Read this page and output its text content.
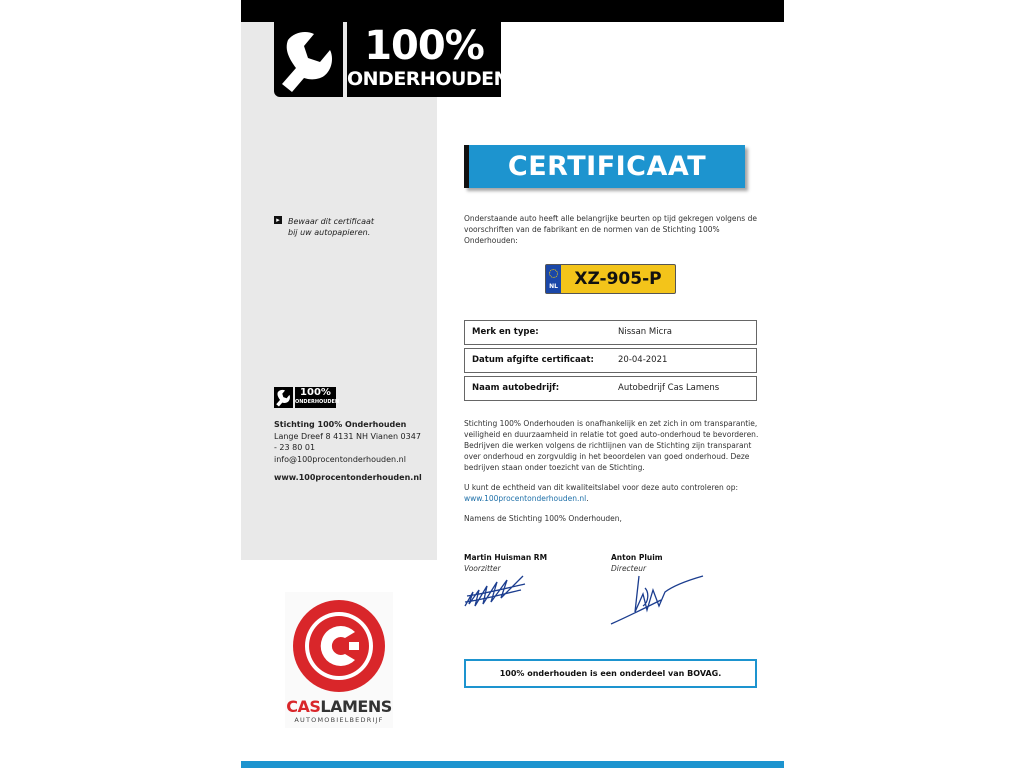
100%
ONDERHOUDEN
▸ Bewaar dit certificaat
bij uw autopapieren.
100%
ONDERHOUDEN
Stichting 100% Onderhouden
Lange Dreef 8 4131 NH Vianen 0347 - 23 80 01
info@100procentonderhouden.nl
www.100procentonderhouden.nl
CASLAMENS
AUTOMOBIELBEDRIJF
CERTIFICAAT
Onderstaande auto heeft alle belangrijke beurten op tijd gekregen volgens de voorschriften van de fabrikant en de normen van de Stichting 100% Onderhouden:
NL XZ-905-P
Merk en type:	Nissan Micra
Datum afgifte certificaat:	20-04-2021
Naam autobedrijf:	Autobedrijf Cas Lamens
Stichting 100% Onderhouden is onafhankelijk en zet zich in om transparantie, veiligheid en duurzaamheid in relatie tot goed auto-onderhoud te bevorderen. Bedrijven die werken volgens de richtlijnen van de Stichting zijn transparant over onderhoud en zorgvuldig in het beoordelen van goed onderhoud. Deze bedrijven staan onder toezicht van de Stichting.
U kunt de echtheid van dit kwaliteitslabel voor deze auto controleren op:
www.100procentonderhouden.nl.
Namens de Stichting 100% Onderhouden,
Martin Huisman RM
Voorzitter
Anton Pluim
Directeur
100% onderhouden is een onderdeel van BOVAG.
